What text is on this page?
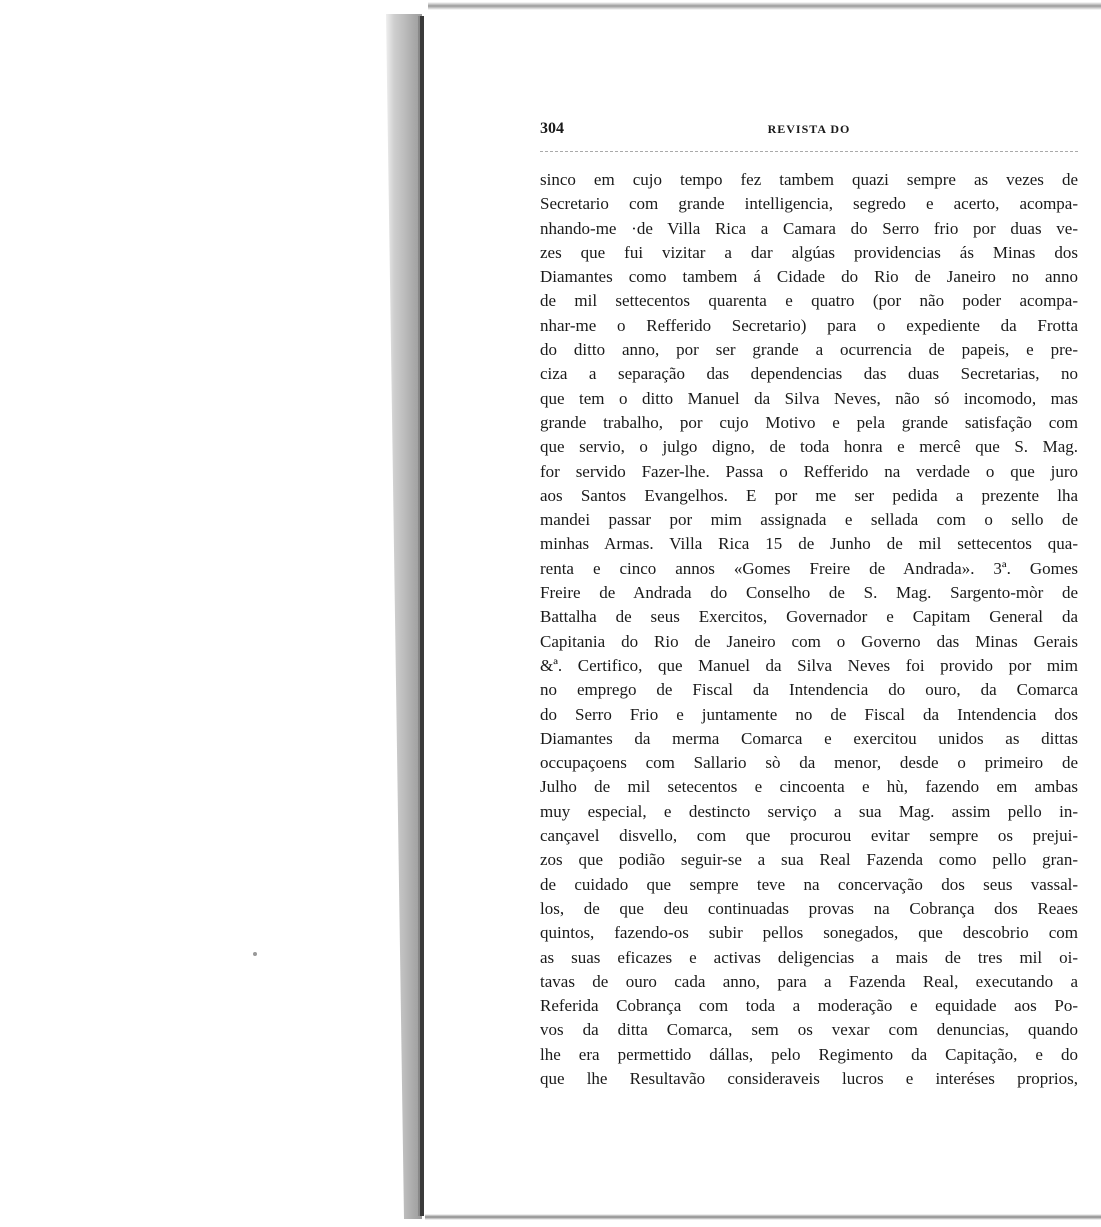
304	REVISTA DO
sinco em cujo tempo fez tambem quazi sempre as vezes de
Secretario com grande intelligencia, segredo e acerto, acompa-
nhando-me ·de Villa Rica a Camara do Serro frio por duas ve-
zes que fui vizitar a dar algúas providencias ás Minas dos
Diamantes como tambem á Cidade do Rio de Janeiro no anno
de mil settecentos quarenta e quatro (por não poder acompa-
nhar-me o Refferido Secretario) para o expediente da Frotta
do ditto anno, por ser grande a ocurrencia de papeis, e pre-
ciza a separação das dependencias das duas Secretarias, no
que tem o ditto Manuel da Silva Neves, não só incomodo, mas
grande trabalho, por cujo Motivo e pela grande satisfação com
que servio, o julgo digno, de toda honra e mercê que S. Mag.
for servido Fazer-lhe. Passa o Refferido na verdade o que juro
aos Santos Evangelhos. E por me ser pedida a prezente lha
mandei passar por mim assignada e sellada com o sello de
minhas Armas. Villa Rica 15 de Junho de mil settecentos qua-
renta e cinco annos «Gomes Freire de Andrada». 3ª. Gomes
Freire de Andrada do Conselho de S. Mag. Sargento-mòr de
Battalha de seus Exercitos, Governador e Capitam General da
Capitania do Rio de Janeiro com o Governo das Minas Gerais
&ª. Certifico, que Manuel da Silva Neves foi provido por mim
no emprego de Fiscal da Intendencia do ouro, da Comarca
do Serro Frio e juntamente no de Fiscal da Intendencia dos
Diamantes da merma Comarca e exercitou unidos as dittas
occupaçoens com Sallario sò da menor, desde o primeiro de
Julho de mil setecentos e cincoenta e hù, fazendo em ambas
muy especial, e destincto serviço a sua Mag. assim pello in-
cançavel disvello, com que procurou evitar sempre os prejui-
zos que podião seguir-se a sua Real Fazenda como pello gran-
de cuidado que sempre teve na concervação dos seus vassal-
los, de que deu continuadas provas na Cobrança dos Reaes
quintos, fazendo-os subir pellos sonegados, que descobrio com
as suas eficazes e activas deligencias a mais de tres mil oi-
tavas de ouro cada anno, para a Fazenda Real, executando a
Referida Cobrança com toda a moderação e equidade aos Po-
vos da ditta Comarca, sem os vexar com denuncias, quando
lhe era permettido dállas, pelo Regimento da Capitação, e do
que lhe Resultavão consideraveis lucros e interéses proprios,
